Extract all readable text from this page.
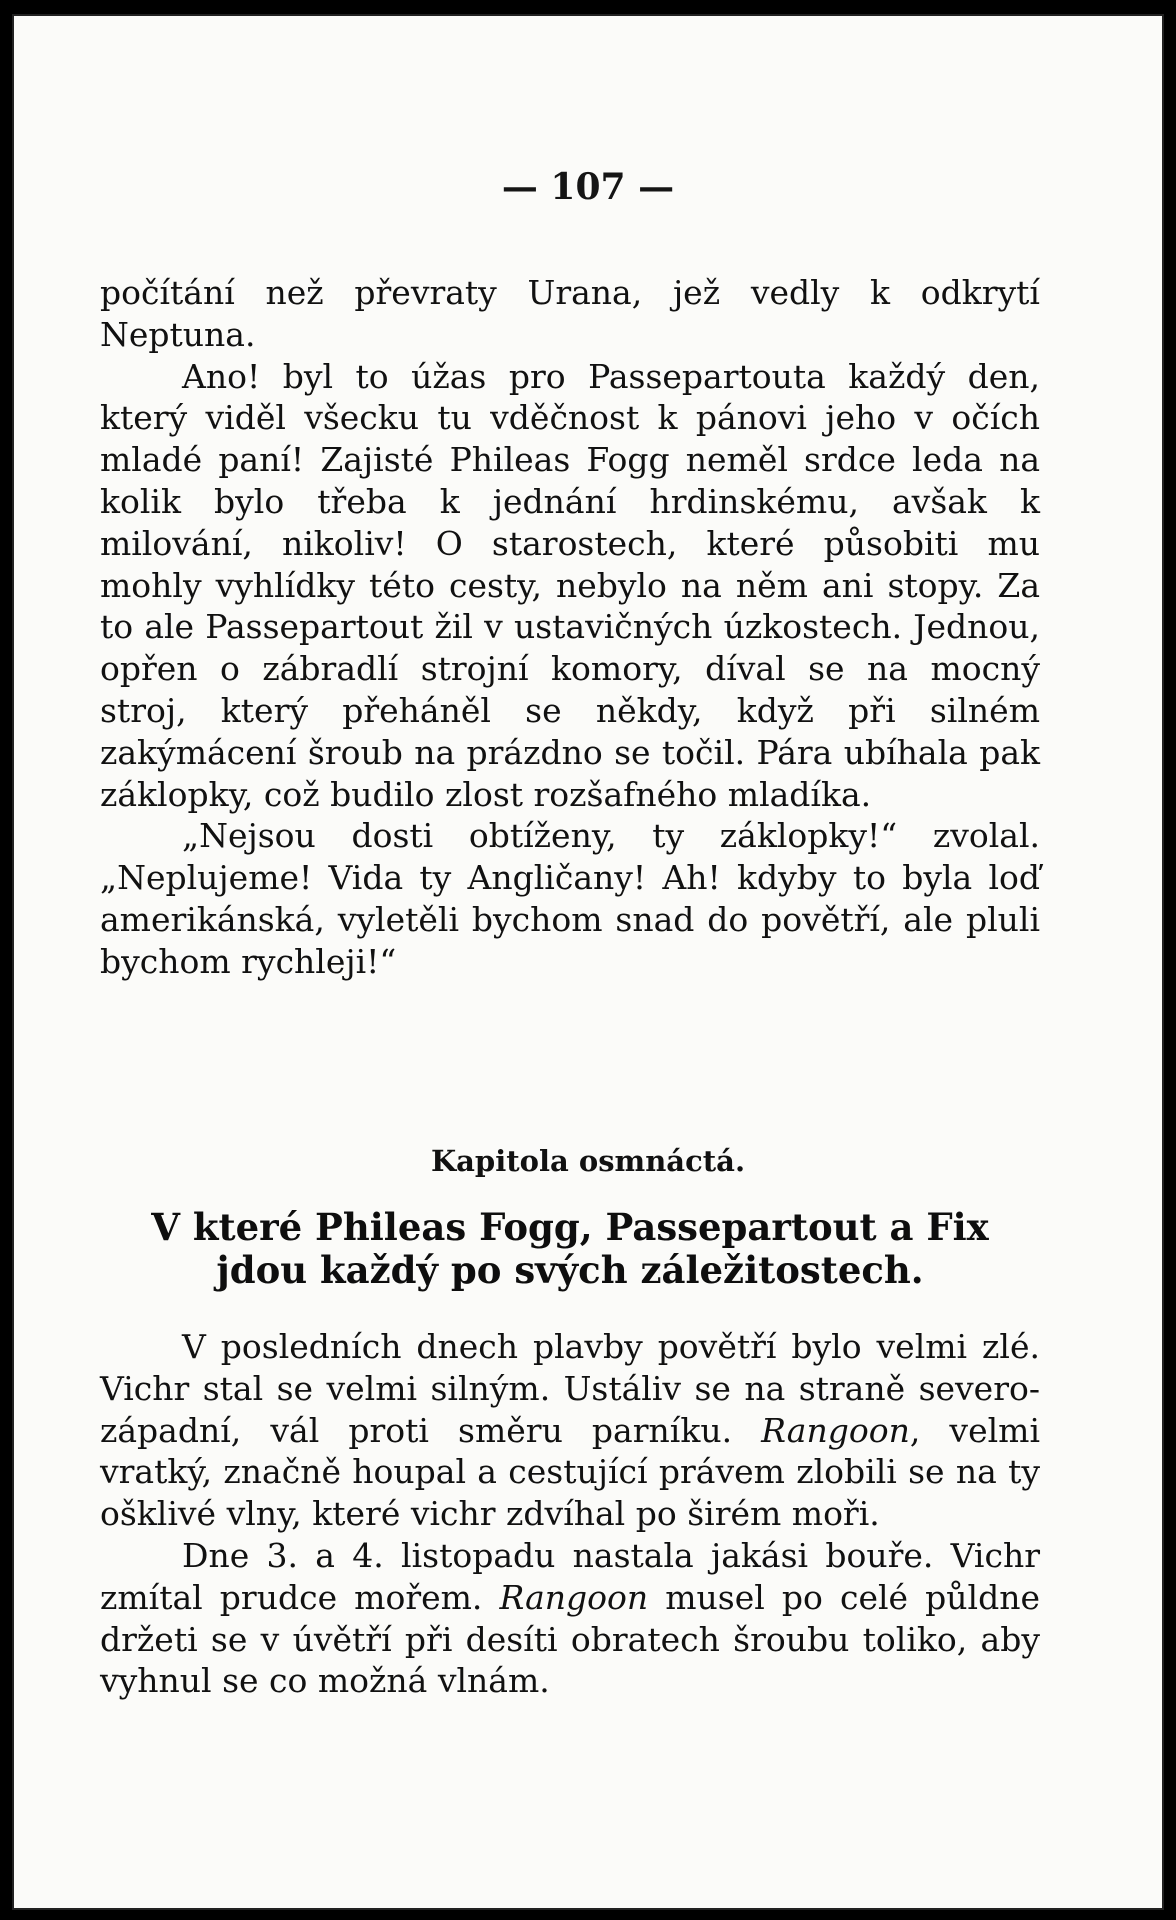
— 107 —

počítání než převraty Urana, jež vedly k odkrytí Neptuna.

Ano! byl to úžas pro Passepartouta každý den, který viděl všecku tu vděčnost k pánovi jeho v očích mladé paní! Zajisté Phileas Fogg neměl srdce leda na kolik bylo třeba k jednání hrdinskému, avšak k milování, nikoliv! O starostech, které působiti mu mohly vyhlídky této cesty, nebylo na něm ani stopy. Za to ale Passepartout žil v ustavičných úzkostech. Jednou, opřen o zábradlí strojní komory, díval se na mocný stroj, který přeháněl se někdy, když při silném zakýmácení šroub na prázdno se točil. Pára ubíhala pak záklopky, což budilo zlost rozšafného mladíka.

„Nejsou dosti obtíženy, ty záklopky!“ zvolal. „Neplujeme! Vida ty Angličany! Ah! kdyby to byla loď amerikánská, vyletěli bychom snad do povětří, ale pluli bychom rychleji!“

Kapitola osmnáctá.
V které Phileas Fogg, Passepartout a Fix jdou každý po svých záležitostech.

V posledních dnech plavby povětří bylo velmi zlé. Vichr stal se velmi silným. Ustáliv se na straně severo-západní, vál proti směru parníku. Rangoon, velmi vratký, značně houpal a cestující právem zlobili se na ty ošklivé vlny, které vichr zdvíhal po širém moři.

Dne 3. a 4. listopadu nastala jakási bouře. Vichr zmítal prudce mořem. Rangoon musel po celé půldne držeti se v úvětří při desíti obratech šroubu toliko, aby vyhnul se co možná vlnám.
